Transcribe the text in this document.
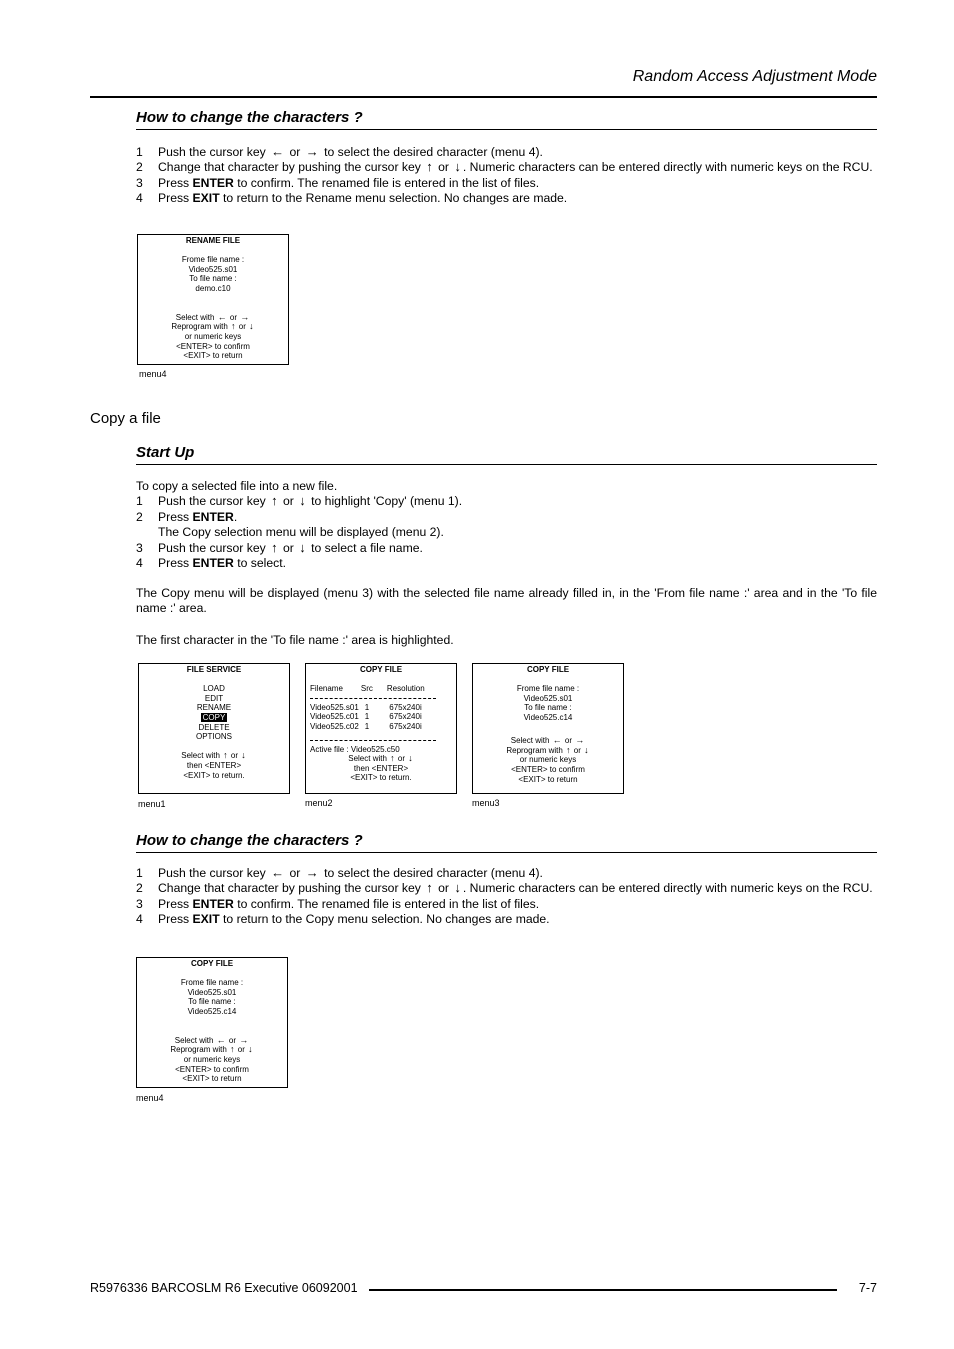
Random Access Adjustment Mode
How to change the characters ?
1	Push the cursor key ← or → to select the desired character (menu 4).
2	Change that character by pushing the cursor key ↑ or ↓ . Numeric characters can be entered directly with numeric keys on the RCU.
3	Press ENTER to confirm. The renamed file is entered in the list of files.
4	Press EXIT to return to the Rename menu selection. No changes are made.
RENAME FILE
Frome file name :
Video525.s01
To file name :
demo.c10
Select with ← or →
Reprogram with ↑ or ↓
or numeric keys
<ENTER> to confirm
<EXIT> to return
menu4
Copy a file
Start Up
To copy a selected file into a new file.
1	Push the cursor key ↑ or ↓ to highlight 'Copy' (menu 1).
2	Press ENTER.
The Copy selection menu will be displayed (menu 2).
3	Push the cursor key ↑ or ↓ to select a file name.
4	Press ENTER to select.
The Copy menu will be displayed (menu 3) with the selected file name already filled in, in the 'From file name :' area and in the 'To file name :' area.
The first character in the 'To file name :' area is highlighted.
FILE SERVICE
LOAD
EDIT
RENAME
COPY
DELETE
OPTIONS
Select with ↑ or ↓
then <ENTER>
<EXIT> to return.
menu1
COPY FILE
Filename	Src	Resolution
Video525.s01	1	675x240i
Video525.c01	1	675x240i
Video525.c02	1	675x240i
Active file : Video525.c50
Select with ↑ or ↓
then <ENTER>
<EXIT> to return.
menu2
COPY FILE
Frome file name :
Video525.s01
To file name :
Video525.c14
Select with ← or →
Reprogram with ↑ or ↓
or numeric keys
<ENTER> to confirm
<EXIT> to return
menu3
How to change the characters ?
1	Push the cursor key ← or → to select the desired character (menu 4).
2	Change that character by pushing the cursor key ↑ or ↓ . Numeric characters can be entered directly with numeric keys on the RCU.
3	Press ENTER to confirm. The renamed file is entered in the list of files.
4	Press EXIT to return to the Copy menu selection. No changes are made.
COPY FILE
Frome file name :
Video525.s01
To file name :
Video525.c14
Select with ← or →
Reprogram with ↑ or ↓
or numeric keys
<ENTER> to confirm
<EXIT> to return
menu4
R5976336 BARCOSLM R6 Executive 06092001	7-7
